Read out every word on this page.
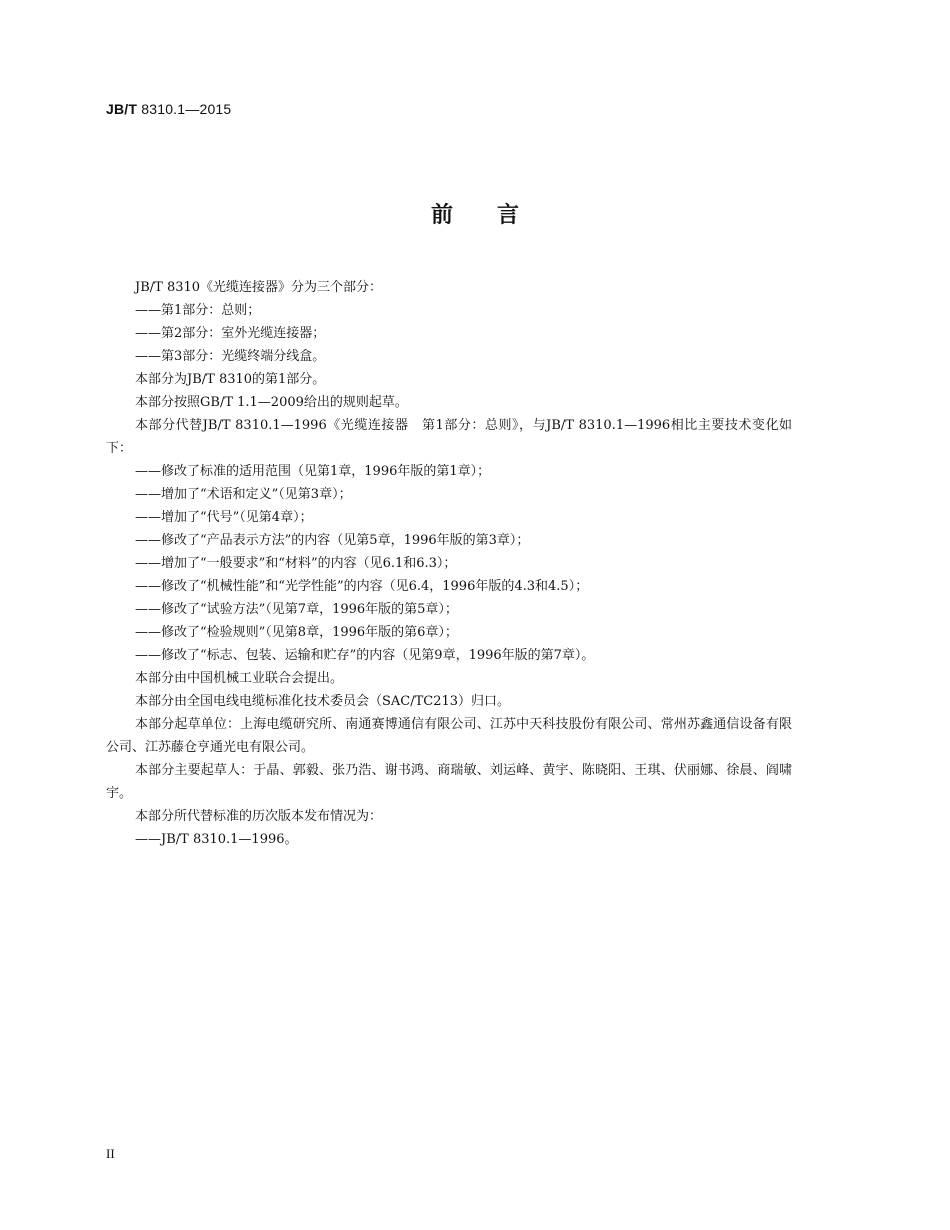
JB/T 8310.1—2015
前言

JB/T 8310《光缆连接器》分为三个部分：

——第1部分：总则；

——第2部分：室外光缆连接器；

——第3部分：光缆终端分线盒。

本部分为JB/T 8310的第1部分。

本部分按照GB/T 1.1—2009给出的规则起草。

本部分代替JB/T 8310.1—1996《光缆连接器　第1部分：总则》，与JB/T 8310.1—1996相比主要技术变化如下：

——修改了标准的适用范围（见第1章，1996年版的第1章）；

——增加了“术语和定义”（见第3章）；

——增加了“代号”（见第4章）；

——修改了“产品表示方法”的内容（见第5章，1996年版的第3章）；

——增加了“一般要求”和“材料”的内容（见6.1和6.3）；

——修改了“机械性能”和“光学性能”的内容（见6.4，1996年版的4.3和4.5）；

——修改了“试验方法”（见第7章，1996年版的第5章）；

——修改了“检验规则”（见第8章，1996年版的第6章）；

——修改了“标志、包装、运输和贮存”的内容（见第9章，1996年版的第7章）。

本部分由中国机械工业联合会提出。

本部分由全国电线电缆标准化技术委员会（SAC/TC213）归口。

本部分起草单位：上海电缆研究所、南通赛博通信有限公司、江苏中天科技股份有限公司、常州苏鑫通信设备有限公司、江苏藤仓亨通光电有限公司。

本部分主要起草人：于晶、郭毅、张乃浩、谢书鸿、商瑞敏、刘运峰、黄宇、陈晓阳、王琪、伏丽娜、徐晨、阎啸宇。

本部分所代替标准的历次版本发布情况为：

——JB/T 8310.1—1996。

II
